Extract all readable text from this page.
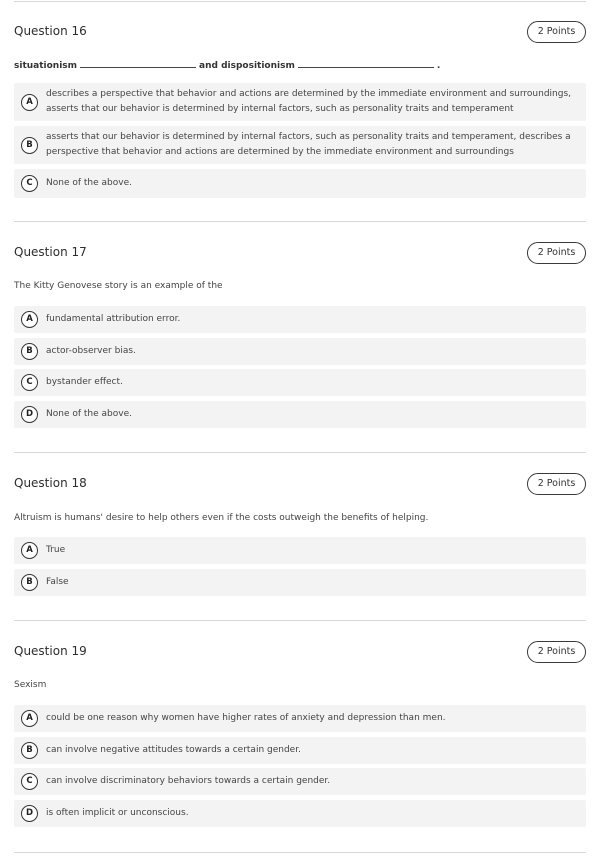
Question 16	2 Points
situationism	and dispositionism	.
A
describes a perspective that behavior and actions are determined by the immediate environment and surroundings, asserts that our behavior is determined by internal factors, such as personality traits and temperament
B
asserts that our behavior is determined by internal factors, such as personality traits and temperament, describes a perspective that behavior and actions are determined by the immediate environment and surroundings
C	None of the above.
Question 17	2 Points
The Kitty Genovese story is an example of the
A	fundamental attribution error.
B	actor-observer bias.
C	bystander effect.
D	None of the above.
Question 18	2 Points
Altruism is humans' desire to help others even if the costs outweigh the benefits of helping.
A	True
B	False
Question 19	2 Points
Sexism
A	could be one reason why women have higher rates of anxiety and depression than men.
B	can involve negative attitudes towards a certain gender.
C	can involve discriminatory behaviors towards a certain gender.
D	is often implicit or unconscious.
